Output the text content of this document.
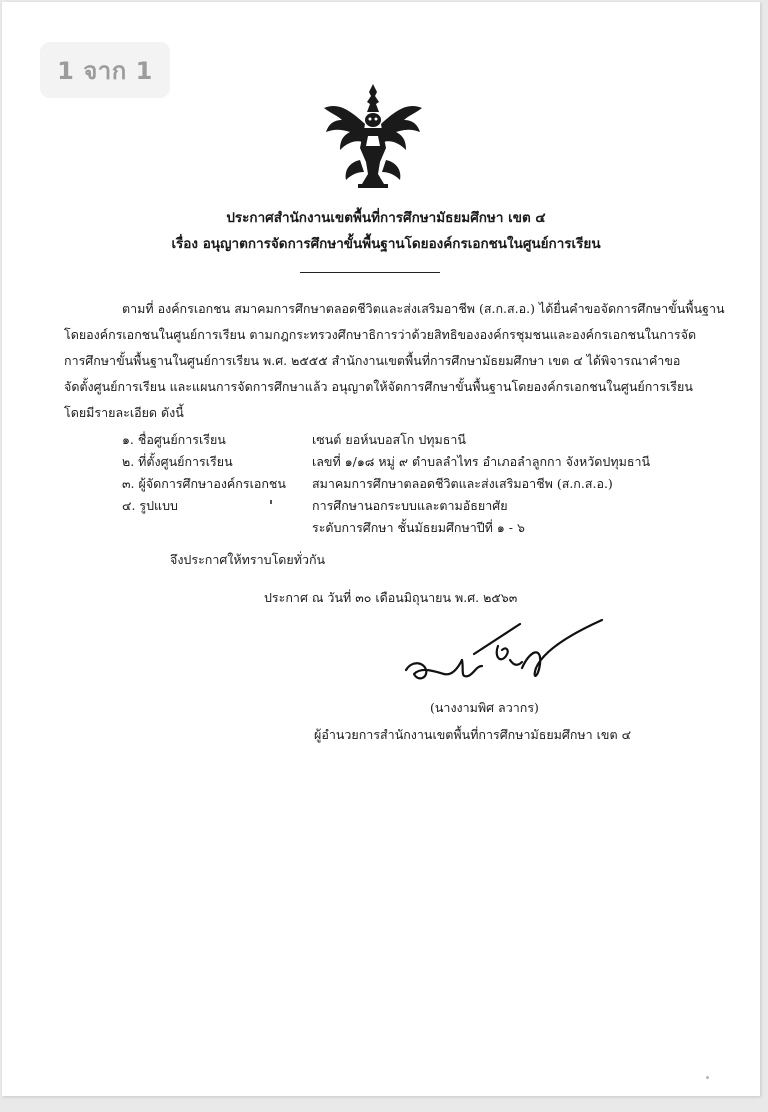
1 จาก 1
ประกาศสำนักงานเขตพื้นที่การศึกษามัธยมศึกษา เขต ๔
เรื่อง อนุญาตการจัดการศึกษาขั้นพื้นฐานโดยองค์กรเอกชนในศูนย์การเรียน
ตามที่ องค์กรเอกชน สมาคมการศึกษาตลอดชีวิตและส่งเสริมอาชีพ (ส.ก.ส.อ.) ได้ยื่นคำขอจัดการศึกษาขั้นพื้นฐาน
โดยองค์กรเอกชนในศูนย์การเรียน ตามกฎกระทรวงศึกษาธิการว่าด้วยสิทธิขององค์กรชุมชนและองค์กรเอกชนในการจัด
การศึกษาขั้นพื้นฐานในศูนย์การเรียน พ.ศ. ๒๕๕๕ สำนักงานเขตพื้นที่การศึกษามัธยมศึกษา เขต ๔ ได้พิจารณาคำขอ
จัดตั้งศูนย์การเรียน และแผนการจัดการศึกษาแล้ว อนุญาตให้จัดการศึกษาขั้นพื้นฐานโดยองค์กรเอกชนในศูนย์การเรียน
โดยมีรายละเอียด ดังนี้
๑. ชื่อศูนย์การเรียน	เซนต์ ยอห์นบอสโก ปทุมธานี
๒. ที่ตั้งศูนย์การเรียน	เลขที่ ๑/๑๘ หมู่ ๙ ตำบลลำไทร อำเภอลำลูกกา จังหวัดปทุมธานี
๓. ผู้จัดการศึกษาองค์กรเอกชน สมาคมการศึกษาตลอดชีวิตและส่งเสริมอาชีพ (ส.ก.ส.อ.)
๔. รูปแบบ	การศึกษานอกระบบและตามอัธยาศัย
ระดับการศึกษา ชั้นมัธยมศึกษาปีที่ ๑ - ๖
จึงประกาศให้ทราบโดยทั่วกัน
ประกาศ ณ วันที่ ๓๐ เดือนมิถุนายน พ.ศ. ๒๕๖๓
(นางงามพิศ ลวากร)
ผู้อำนวยการสำนักงานเขตพื้นที่การศึกษามัธยมศึกษา เขต ๔
